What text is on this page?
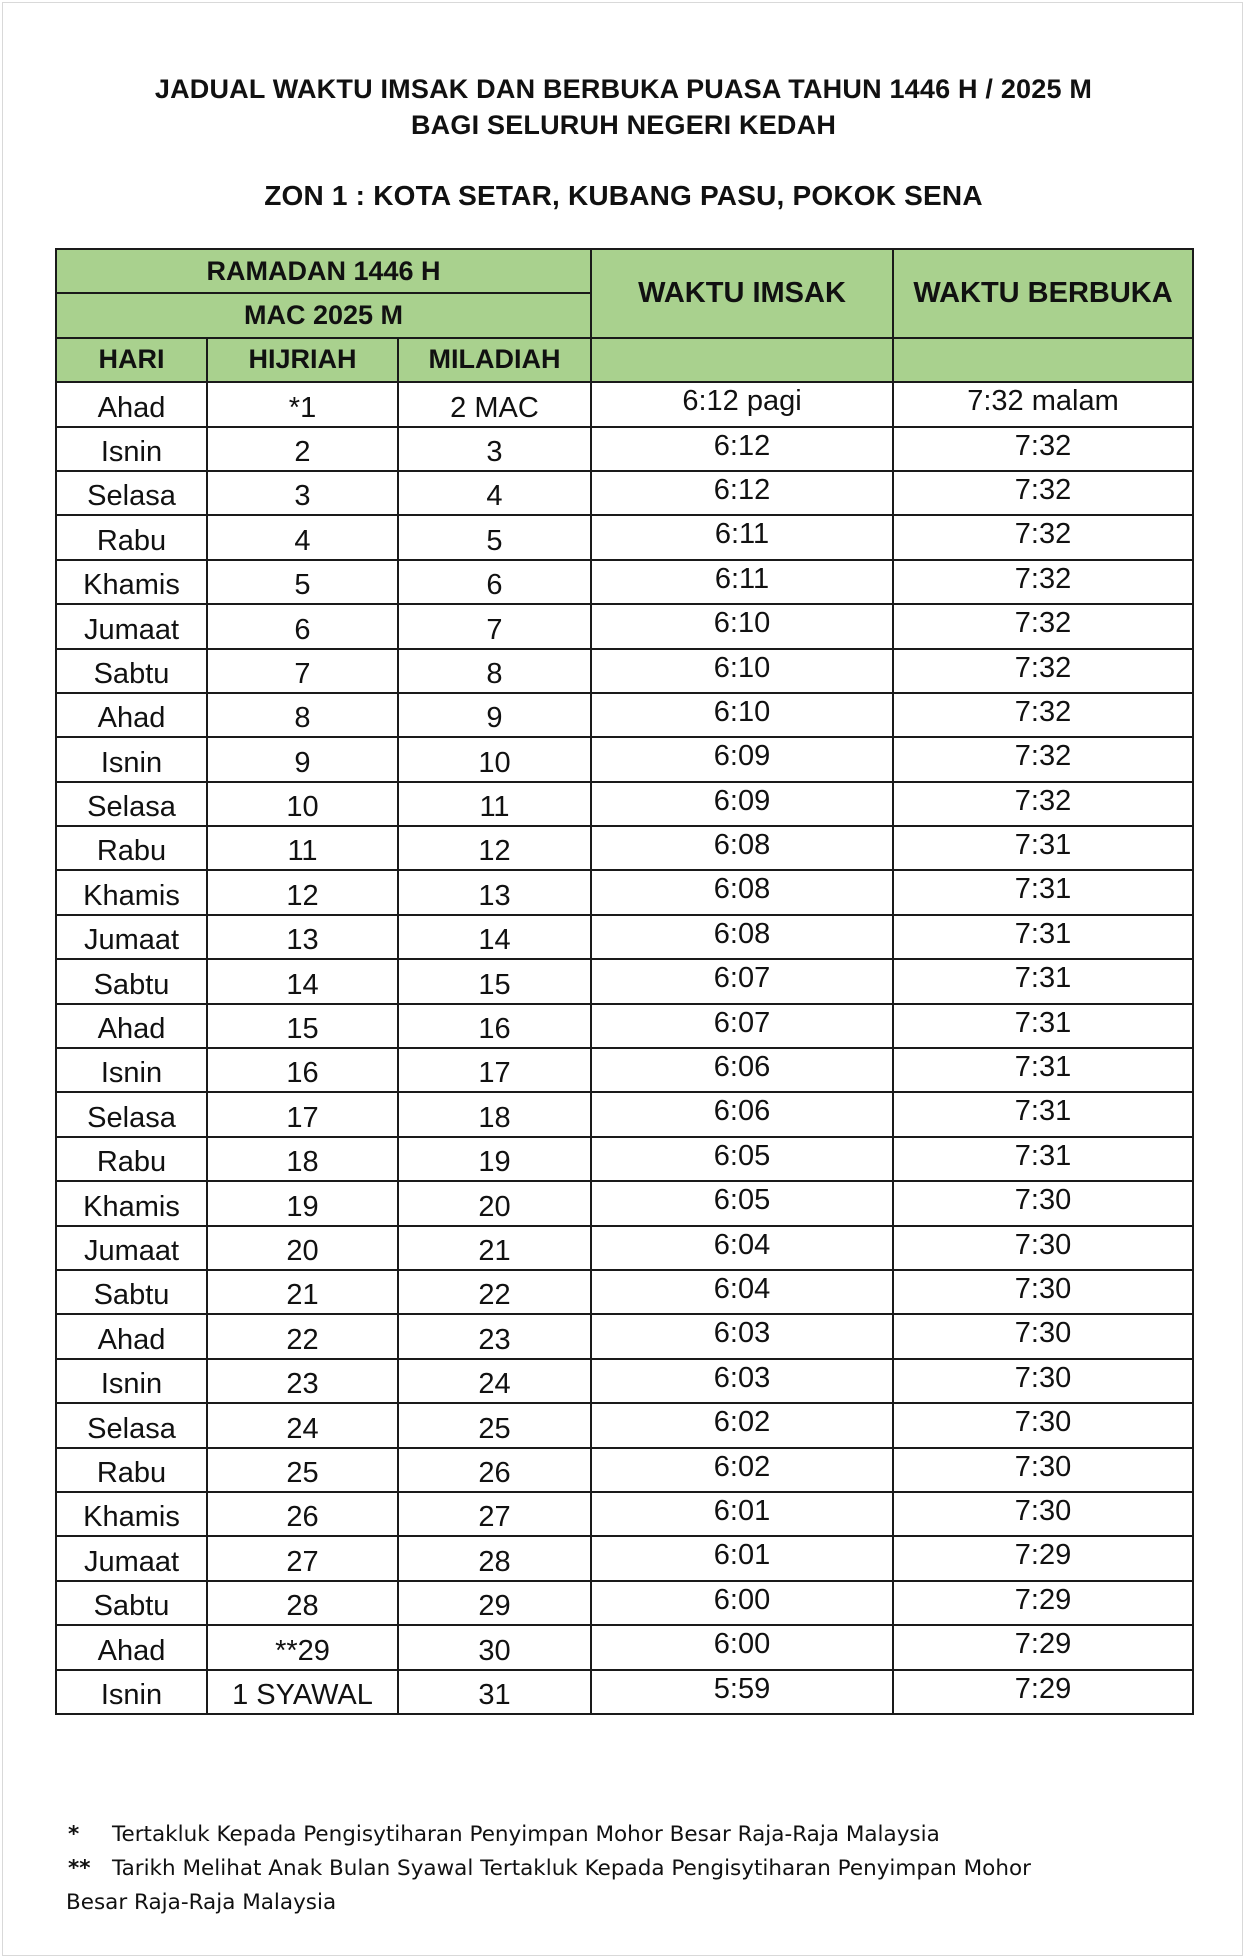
JADUAL WAKTU IMSAK DAN BERBUKA PUASA TAHUN 1446 H / 2025 M
BAGI SELURUH NEGERI KEDAH
ZON 1 : KOTA SETAR, KUBANG PASU, POKOK SENA
RAMADAN 1446 H			WAKTU IMSAK	WAKTU BERBUKA
MAC 2025 M				
HARI	HIJRIAH	MILADIAH		
Ahad	*1	2 MAC	6:12 pagi	7:32 malam
Isnin	2	3	6:12	7:32
Selasa	3	4	6:12	7:32
Rabu	4	5	6:11	7:32
Khamis	5	6	6:11	7:32
Jumaat	6	7	6:10	7:32
Sabtu	7	8	6:10	7:32
Ahad	8	9	6:10	7:32
Isnin	9	10	6:09	7:32
Selasa	10	11	6:09	7:32
Rabu	11	12	6:08	7:31
Khamis	12	13	6:08	7:31
Jumaat	13	14	6:08	7:31
Sabtu	14	15	6:07	7:31
Ahad	15	16	6:07	7:31
Isnin	16	17	6:06	7:31
Selasa	17	18	6:06	7:31
Rabu	18	19	6:05	7:31
Khamis	19	20	6:05	7:30
Jumaat	20	21	6:04	7:30
Sabtu	21	22	6:04	7:30
Ahad	22	23	6:03	7:30
Isnin	23	24	6:03	7:30
Selasa	24	25	6:02	7:30
Rabu	25	26	6:02	7:30
Khamis	26	27	6:01	7:30
Jumaat	27	28	6:01	7:29
Sabtu	28	29	6:00	7:29
Ahad	**29	30	6:00	7:29
Isnin	1 SYAWAL	31	5:59	7:29
* Tertakluk Kepada Pengisytiharan Penyimpan Mohor Besar Raja-Raja Malaysia
** Tarikh Melihat Anak Bulan Syawal Tertakluk Kepada Pengisytiharan Penyimpan Mohor
Besar Raja-Raja Malaysia
